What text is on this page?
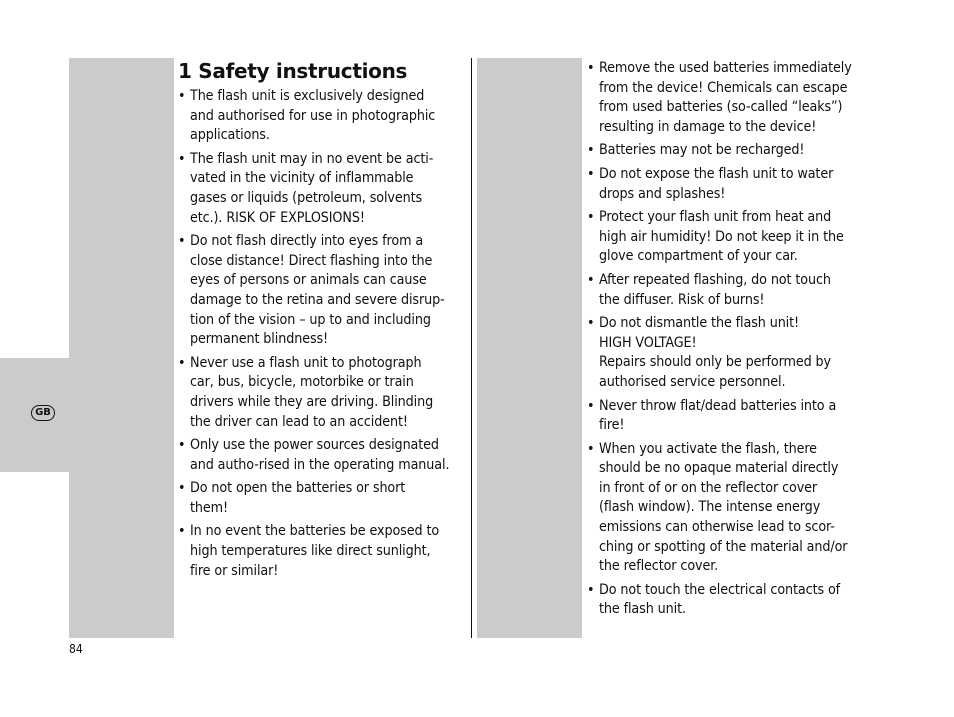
GB
1 Safety instructions
• The flash unit is exclusively designed
and authorised for use in photographic
applications.
• The flash unit may in no event be acti-
vated in the vicinity of inflammable
gases or liquids (petroleum, solvents
etc.). RISK OF EXPLOSIONS!
• Do not flash directly into eyes from a
close distance! Direct flashing into the
eyes of persons or animals can cause
damage to the retina and severe disrup-
tion of the vision – up to and including
permanent blindness!
• Never use a flash unit to photograph
car, bus, bicycle, motorbike or train
drivers while they are driving. Blinding
the driver can lead to an accident!
• Only use the power sources designated
and autho-rised in the operating manual.
• Do not open the batteries or short
them!
• In no event the batteries be exposed to
high temperatures like direct sunlight,
fire or similar!
• Remove the used batteries immediately
from the device! Chemicals can escape
from used batteries (so-called “leaks”)
resulting in damage to the device!
• Batteries may not be recharged!
• Do not expose the flash unit to water
drops and splashes!
• Protect your flash unit from heat and
high air humidity! Do not keep it in the
glove compartment of your car.
• After repeated flashing, do not touch
the diffuser. Risk of burns!
• Do not dismantle the flash unit!
HIGH VOLTAGE!
Repairs should only be performed by
authorised service personnel.
• Never throw flat/dead batteries into a
fire!
• When you activate the flash, there
should be no opaque material directly
in front of or on the reflector cover
(flash window). The intense energy
emissions can otherwise lead to scor-
ching or spotting of the material and/or
the reflector cover.
• Do not touch the electrical contacts of
the flash unit.
84
